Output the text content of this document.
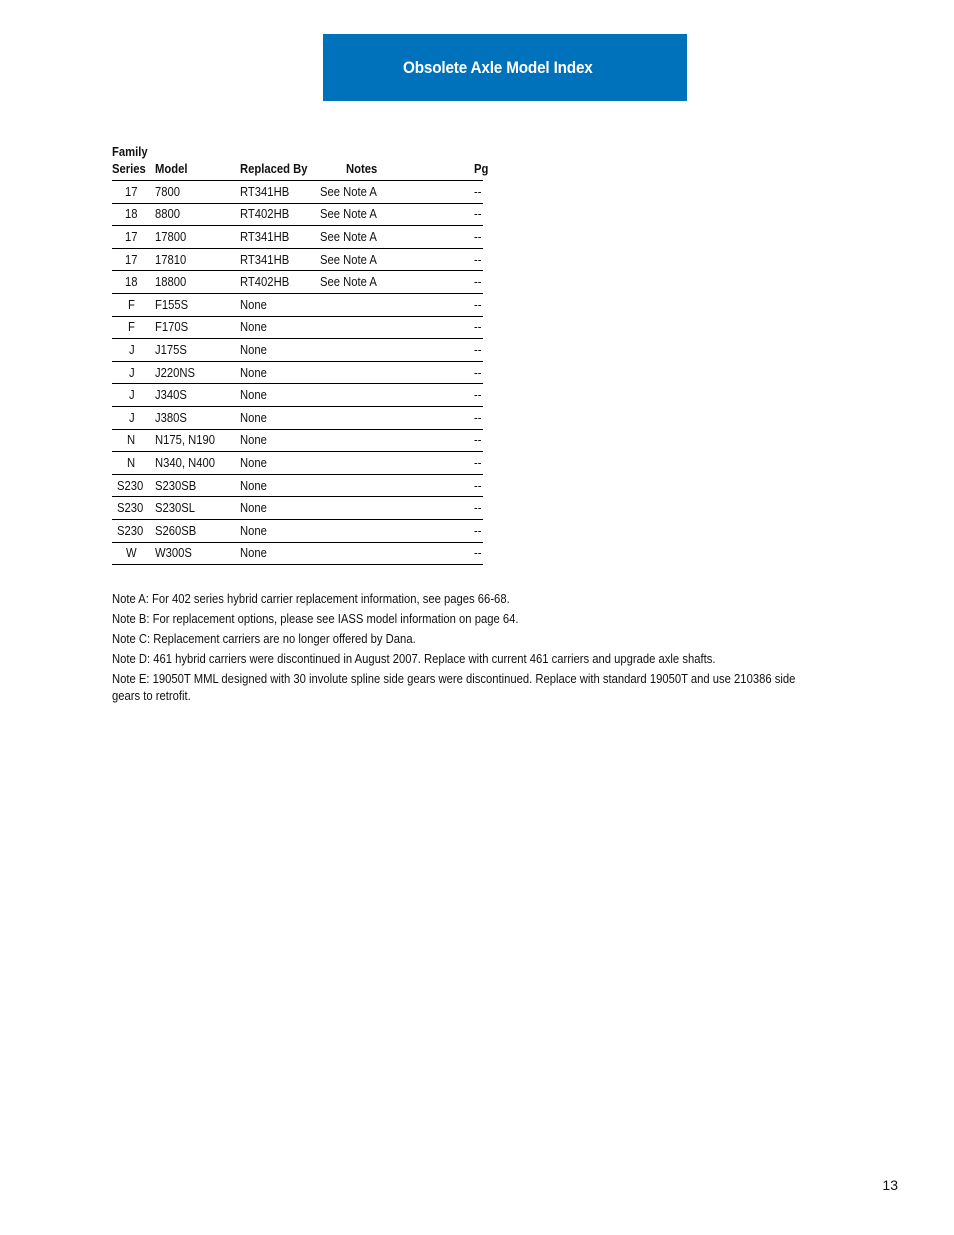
Obsolete Axle Model Index
Family
Series	Model	Replaced By	Notes	Pg
17	7800	RT341HB	See Note A	--
18	8800	RT402HB	See Note A	--
17	17800	RT341HB	See Note A	--
17	17810	RT341HB	See Note A	--
18	18800	RT402HB	See Note A	--
F	F155S	None		--
F	F170S	None		--
J	J175S	None		--
J	J220NS	None		--
J	J340S	None		--
J	J380S	None		--
N	N175, N190	None		--
N	N340, N400	None		--
S230	S230SB	None		--
S230	S230SL	None		--
S230	S260SB	None		--
W	W300S	None		--
Note A: For 402 series hybrid carrier replacement information, see pages 66-68.
Note B: For replacement options, please see IASS model information on page 64.
Note C: Replacement carriers are no longer offered by Dana.
Note D: 461 hybrid carriers were discontinued in August 2007. Replace with current 461 carriers and upgrade axle shafts.
Note E: 19050T MML designed with 30 involute spline side gears were discontinued. Replace with standard 19050T and use 210386 side gears to retrofit.
13
